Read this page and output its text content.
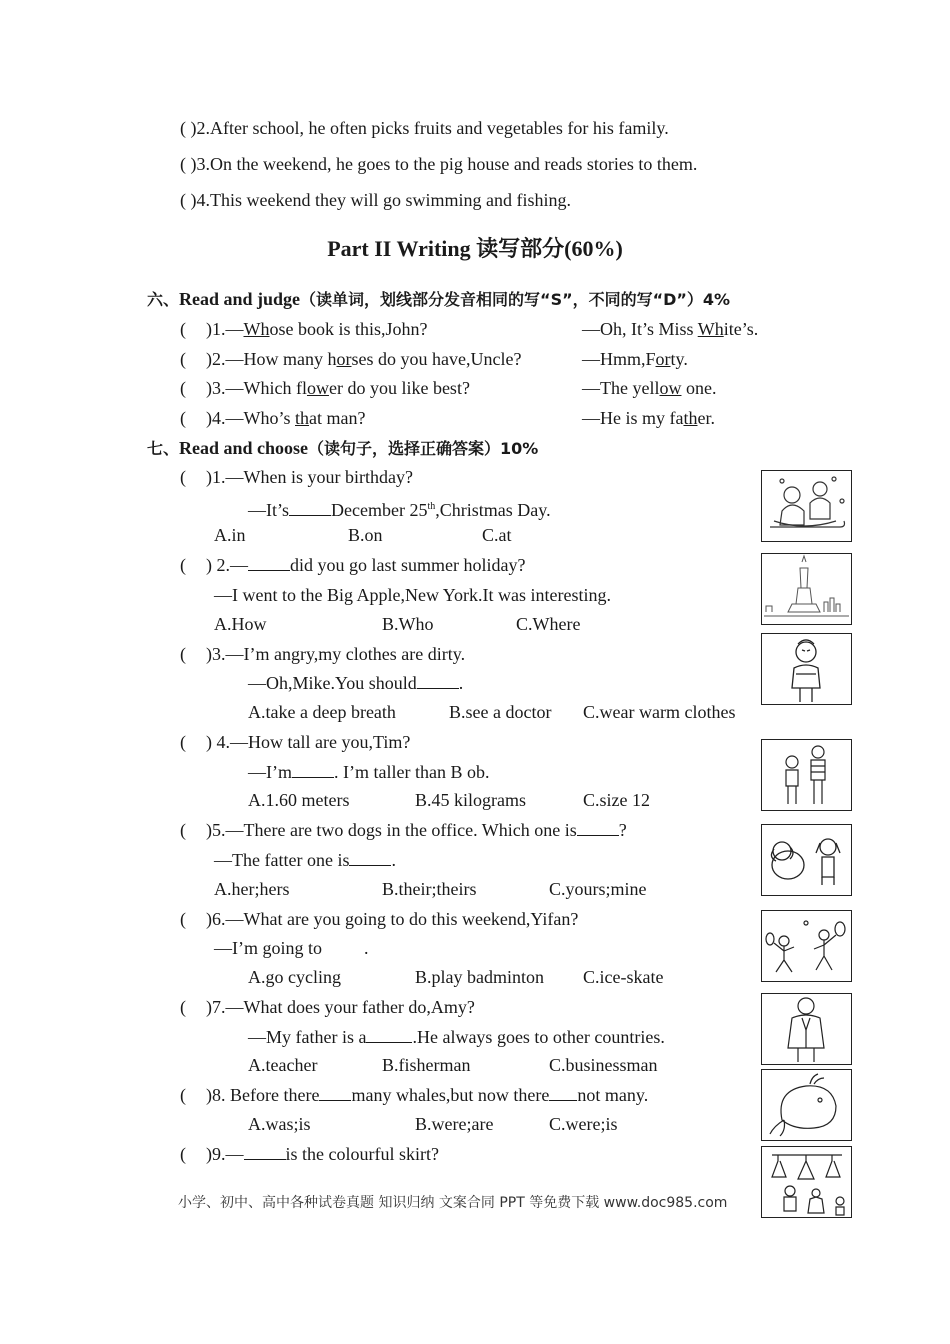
( )2.After school, he often picks fruits and vegetables for his family.
( )3.On the weekend, he goes to the pig house and reads stories to them.
( )4.This weekend they will go swimming and fishing.
Part II Writing 读写部分(60%)
六、Read and judge（读单词，划线部分发音相同的写“S”，不同的写“D”）4%
( )1.—Whose book is this,John?	—Oh, It’s Miss White’s.
( )2.—How many horses do you have,Uncle?	—Hmm,Forty.
( )3.—Which flower do you like best?	—The yellow one.
( )4.—Who’s that man?	—He is my father.
七、Read and choose（读句子，选择正确答案）10%
( )1.—When is your birthday?
—It’s December 25th,Christmas Day.
A.in	B.on	C.at
( ) 2.— did you go last summer holiday?
—I went to the Big Apple,New York.It was interesting.
A.How	B.Who	C.Where
( )3.—I’m angry,my clothes are dirty.
—Oh,Mike.You should .
A.take a deep breath	B.see a doctor C.wear warm clothes
( ) 4.—How tall are you,Tim?
—I’m . I’m taller than B ob.
A.1.60 meters	B.45 kilograms	C.size 12
( )5.—There are two dogs in the office. Which one is ?
—The fatter one is .
A.her;hers	B.their;theirs	C.yours;mine
( )6.—What are you going to do this weekend,Yifan?
—I’m going to .
A.go cycling	B.play badminton C.ice-skate
( )7.—What does your father do,Amy?
—My father is a	.He always goes to other countries.
A.teacher	B.fisherman	C.businessman
( )8. Before there many whales,but now there not many.
A.was;is	B.were;are	C.were;is
( )9.— is the colourful skirt?
小学、初中、高中各种试卷真题 知识归纳 文案合同 PPT 等免费下载 www.doc985.com
